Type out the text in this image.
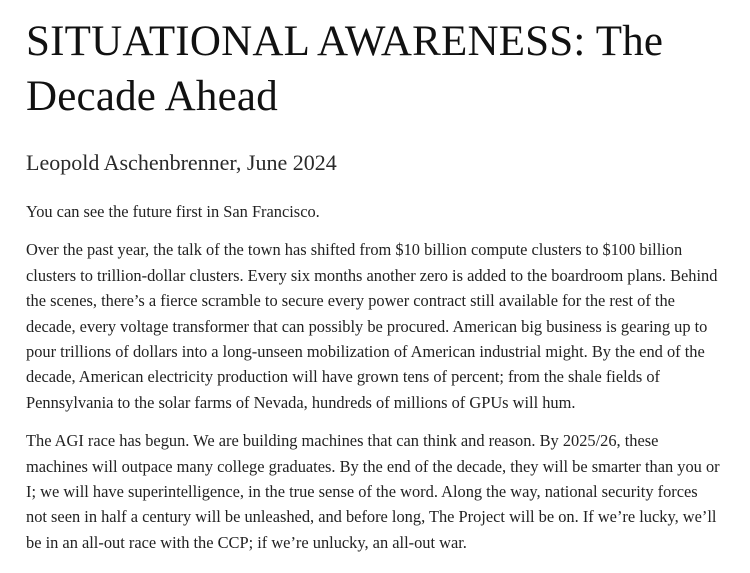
SITUATIONAL AWARENESS: The Decade Ahead
Leopold Aschenbrenner, June 2024

You can see the future first in San Francisco.

Over the past year, the talk of the town has shifted from $10 billion compute clusters to $100 billion clusters to trillion-dollar clusters. Every six months another zero is added to the boardroom plans. Behind the scenes, there’s a fierce scramble to secure every power contract still available for the rest of the decade, every voltage transformer that can possibly be procured. American big business is gearing up to pour trillions of dollars into a long-unseen mobilization of American industrial might. By the end of the decade, American electricity production will have grown tens of percent; from the shale fields of Pennsylvania to the solar farms of Nevada, hundreds of millions of GPUs will hum.

The AGI race has begun. We are building machines that can think and reason. By 2025/26, these machines will outpace many college graduates. By the end of the decade, they will be smarter than you or I; we will have superintelligence, in the true sense of the word. Along the way, national security forces not seen in half a century will be unleashed, and before long, The Project will be on. If we’re lucky, we’ll be in an all-out race with the CCP; if we’re unlucky, an all-out war.
